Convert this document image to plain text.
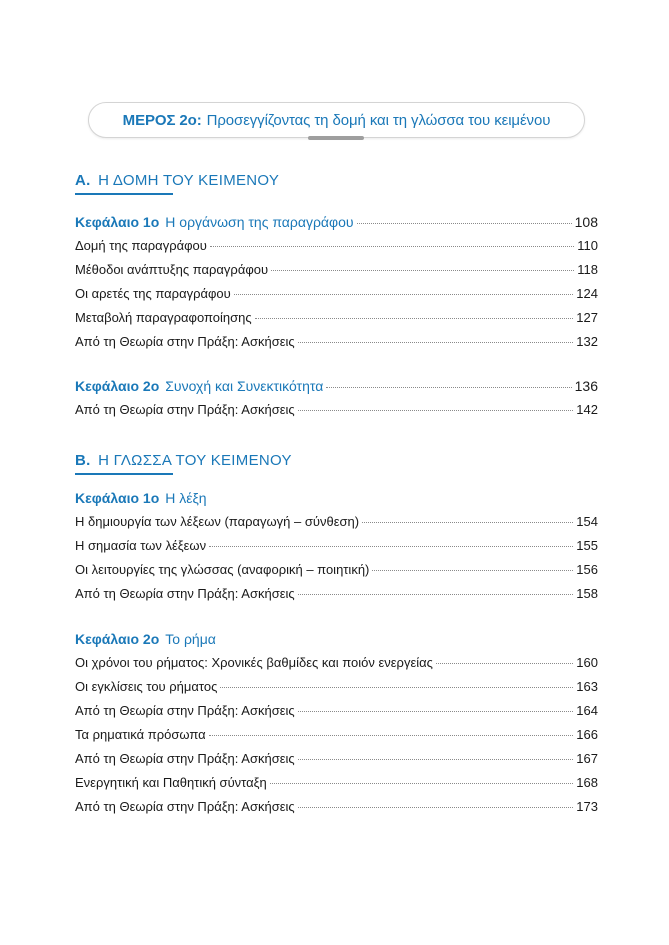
ΜΕΡΟΣ 2ο: Προσεγγίζοντας τη δομή και τη γλώσσα του κειμένου
Α. Η ΔΟΜΗ ΤΟΥ ΚΕΙΜΕΝΟΥ
Κεφάλαιο 1ο Η οργάνωση της παραγράφου	108
Δομή της παραγράφου	110
Μέθοδοι ανάπτυξης παραγράφου	118
Οι αρετές της παραγράφου	124
Μεταβολή παραγραφοποίησης	127
Από τη Θεωρία στην Πράξη: Ασκήσεις	132
Κεφάλαιο 2ο Συνοχή και Συνεκτικότητα	136
Από τη Θεωρία στην Πράξη: Ασκήσεις	142
Β. Η ΓΛΩΣΣΑ ΤΟΥ ΚΕΙΜΕΝΟΥ
Κεφάλαιο 1ο Η λέξη
Η δημιουργία των λέξεων (παραγωγή – σύνθεση)	154
Η σημασία των λέξεων	155
Οι λειτουργίες της γλώσσας (αναφορική – ποιητική)	156
Από τη Θεωρία στην Πράξη: Ασκήσεις	158
Κεφάλαιο 2ο Το ρήμα
Οι χρόνοι του ρήματος: Χρονικές βαθμίδες και ποιόν ενεργείας	160
Οι εγκλίσεις του ρήματος	163
Από τη Θεωρία στην Πράξη: Ασκήσεις	164
Τα ρηματικά πρόσωπα	166
Από τη Θεωρία στην Πράξη: Ασκήσεις	167
Ενεργητική και Παθητική σύνταξη	168
Από τη Θεωρία στην Πράξη: Ασκήσεις	173
